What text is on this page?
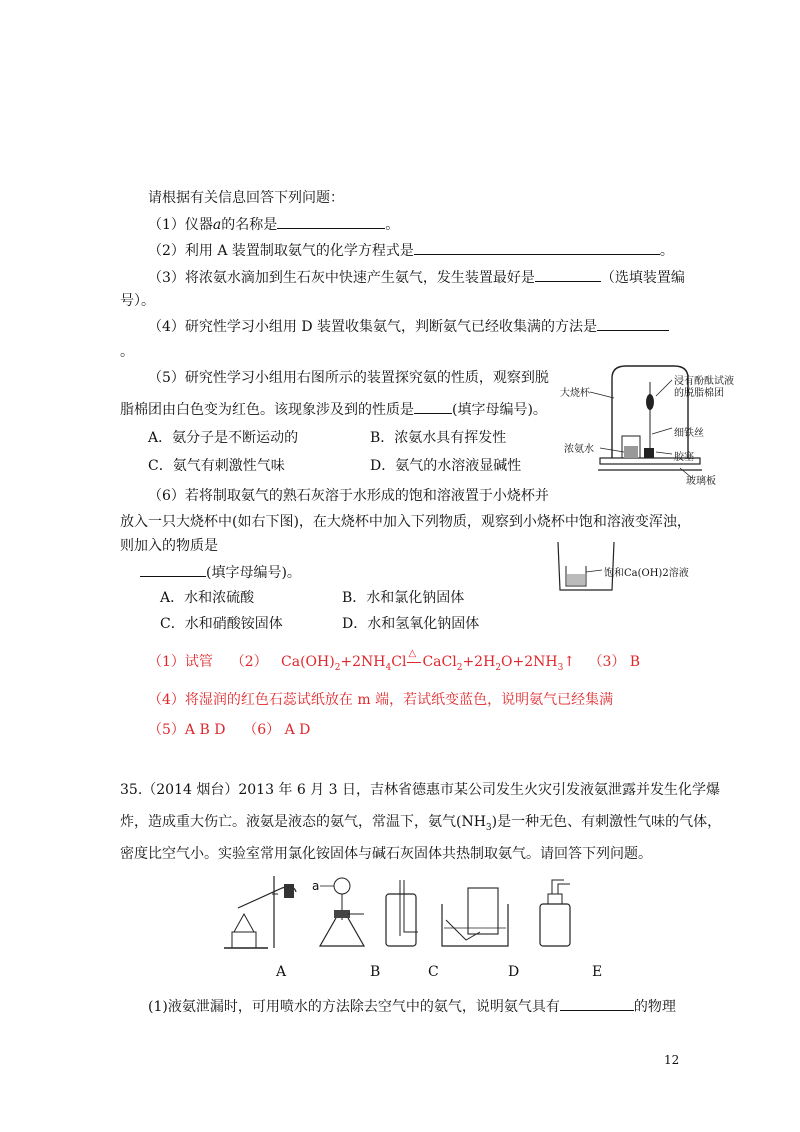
请根据有关信息回答下列问题：
（1）仪器a的名称是	。
（2）利用 A 装置制取氨气的化学方程式是	。
（3）将浓氨水滴加到生石灰中快速产生氨气，发生装置最好是	（选填装置编
号）。
（4）研究性学习小组用 D 装置收集氨气，判断氨气已经收集满的方法是
。
（5）研究性学习小组用右图所示的装置探究氨的性质，观察到脱
脂棉团由白色变为红色。该现象涉及到的性质是	(填字母编号)。
A．氨分子是不断运动的	B．浓氨水具有挥发性
C．氨气有刺激性气味	D．氨气的水溶液显碱性
大烧杯
浸有酚酞试液
的脱脂棉团
细铁丝
胶塞
浓氨水
玻璃板
（6）若将制取氨气的熟石灰溶于水形成的饱和溶液置于小烧杯并
放入一只大烧杯中(如右下图)，在大烧杯中加入下列物质，观察到小烧杯中饱和溶液变浑浊，
则加入的物质是
(填字母编号)。
A．水和浓硫酸	B．水和氯化钠固体
C．水和硝酸铵固体	D．水和氢氧化钠固体
饱和Ca(OH)2溶液
（1）试管 （2） $Ca(OH)_2+2NH_4Cl$
△
$CaCl_2+2H_2O+2NH_3↑$ （3） B
（4）将湿润的红色石蕊试纸放在 m 端，若试纸变蓝色，说明氨气已经集满
（5）A B D （6） A D
35.（2014 烟台）2013 年 6 月 3 日，吉林省德惠市某公司发生火灾引发液氨泄露并发生化学爆
炸，造成重大伤亡。液氨是液态的氨气，常温下，氨气$(NH_3)$是一种无色、有刺激性气味的气体，
密度比空气小。实验室常用氯化铵固体与碱石灰固体共热制取氨气。请回答下列问题。
a
A	B	C	D	E
(1)液氨泄漏时，可用喷水的方法除去空气中的氨气，说明氨气具有	的物理
12
